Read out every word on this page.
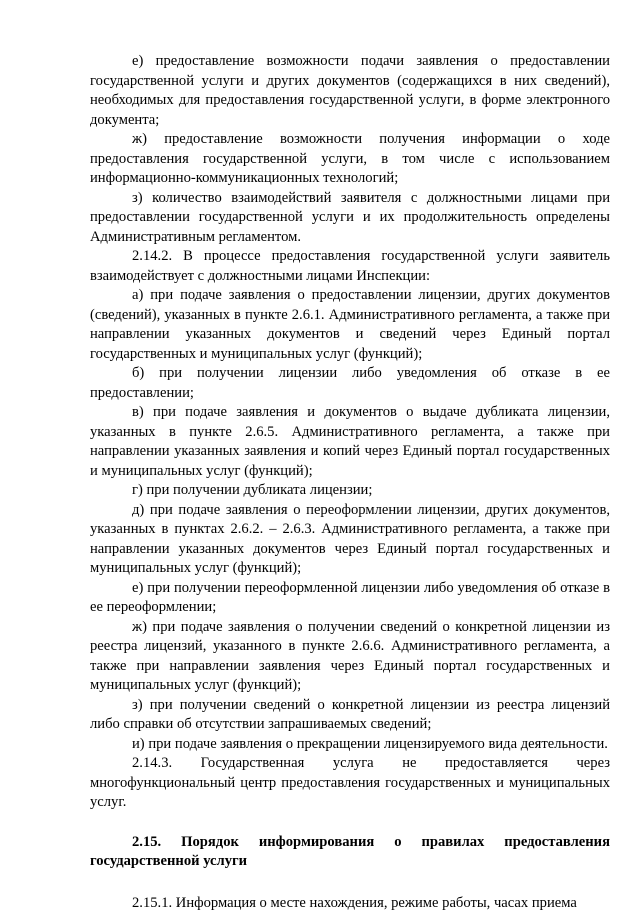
е) предоставление возможности подачи заявления о предоставлении государственной услуги и других документов (содержащихся в них сведений), необходимых для предоставления государственной услуги, в форме электронного документа;

ж) предоставление возможности получения информации о ходе предоставления государственной услуги, в том числе с использованием информационно-коммуникационных технологий;

з) количество взаимодействий заявителя с должностными лицами при предоставлении государственной услуги и их продолжительность определены Административным регламентом.

2.14.2. В процессе предоставления государственной услуги заявитель взаимодействует с должностными лицами Инспекции:

а) при подаче заявления о предоставлении лицензии, других документов (сведений), указанных в пункте 2.6.1. Административного регламента, а также при направлении указанных документов и сведений через Единый портал государственных и муниципальных услуг (функций);

б) при получении лицензии либо уведомления об отказе в ее предоставлении;

в) при подаче заявления и документов о выдаче дубликата лицензии, указанных в пункте 2.6.5. Административного регламента, а также при направлении указанных заявления и копий через Единый портал государственных и муниципальных услуг (функций);

г) при получении дубликата лицензии;

д) при подаче заявления о переоформлении лицензии, других документов, указанных в пунктах 2.6.2. – 2.6.3. Административного регламента, а также при направлении указанных документов через Единый портал государственных и муниципальных услуг (функций);

е) при получении переоформленной лицензии либо уведомления об отказе в ее переоформлении;

ж) при подаче заявления о получении сведений о конкретной лицензии из реестра лицензий, указанного в пункте 2.6.6. Административного регламента, а также при направлении заявления через Единый портал государственных и муниципальных услуг (функций);

з) при получении сведений о конкретной лицензии из реестра лицензий либо справки об отсутствии запрашиваемых сведений;

и) при подаче заявления о прекращении лицензируемого вида деятельности.

2.14.3. Государственная услуга не предоставляется через многофункциональный центр предоставления государственных и муниципальных услуг.

2.15. Порядок информирования о правилах предоставления государственной услуги

2.15.1. Информация о месте нахождения, режиме работы, часах приема
